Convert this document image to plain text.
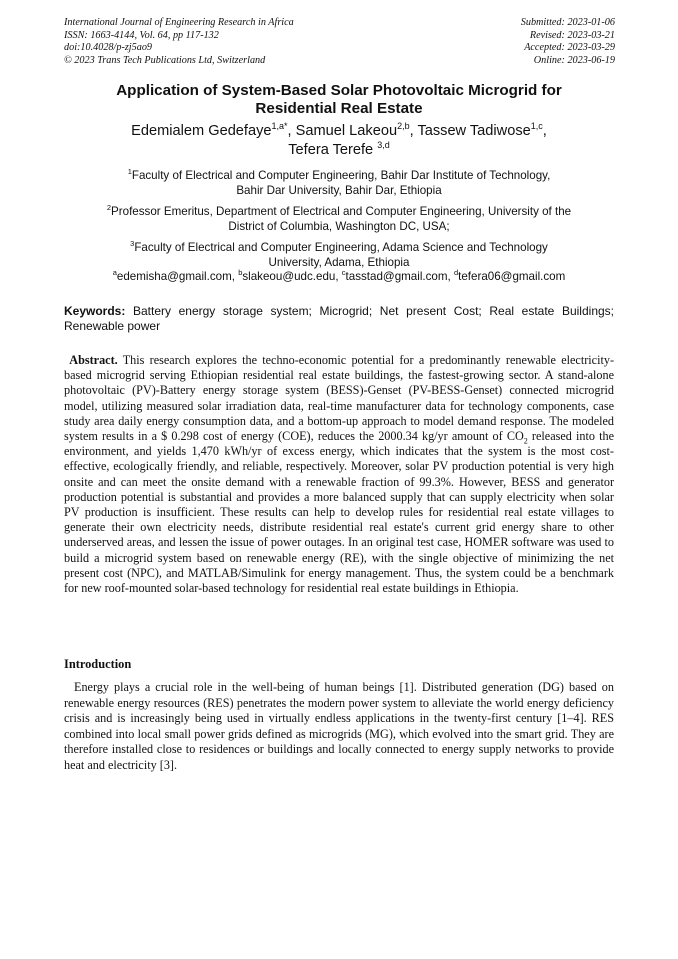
International Journal of Engineering Research in Africa
ISSN: 1663-4144, Vol. 64, pp 117-132
doi:10.4028/p-zj5ao9
© 2023 Trans Tech Publications Ltd, Switzerland
Submitted: 2023-01-06
Revised: 2023-03-21
Accepted: 2023-03-29
Online: 2023-06-19
Application of System-Based Solar Photovoltaic Microgrid for
Residential Real Estate
Edemialem Gedefaye$^{1,a*}$, Samuel Lakeou$^{2,b}$, Tassew Tadiwose$^{1,c}$,
Tefera Terefe $^{3,d}$
$^1$Faculty of Electrical and Computer Engineering, Bahir Dar Institute of Technology,
Bahir Dar University, Bahir Dar, Ethiopia
$^2$Professor Emeritus, Department of Electrical and Computer Engineering, University of the
District of Columbia, Washington DC, USA;
$^3$Faculty of Electrical and Computer Engineering, Adama Science and Technology
University, Adama, Ethiopia
$^a$edemisha@gmail.com, $^b$slakeou@udc.edu, $^c$tasstad@gmail.com, $^d$tefera06@gmail.com
Keywords: Battery energy storage system; Microgrid; Net present Cost; Real estate Buildings; Renewable power
Abstract. This research explores the techno-economic potential for a predominantly renewable electricity-based microgrid serving Ethiopian residential real estate buildings, the fastest-growing sector. A stand-alone photovoltaic (PV)-Battery energy storage system (BESS)-Genset (PV-BESS-Genset) connected microgrid model, utilizing measured solar irradiation data, real-time manufacturer data for technology components, case study area daily energy consumption data, and a bottom-up approach to model demand response. The modeled system results in a $ 0.298 cost of energy (COE), reduces the 2000.34 kg/yr amount of $CO_2$ released into the environment, and yields 1,470 kWh/yr of excess energy, which indicates that the system is the most cost-effective, ecologically friendly, and reliable, respectively. Moreover, solar PV production potential is very high onsite and can meet the onsite demand with a renewable fraction of 99.3%. However, BESS and generator production potential is substantial and provides a more balanced supply that can supply electricity when solar PV production is insufficient. These results can help to develop rules for residential real estate villages to generate their own electricity needs, distribute residential real estate's current grid energy share to other underserved areas, and lessen the issue of power outages. In an original test case, HOMER software was used to build a microgrid system based on renewable energy (RE), with the single objective of minimizing the net present cost (NPC), and MATLAB/Simulink for energy management. Thus, the system could be a benchmark for new roof-mounted solar-based technology for residential real estate buildings in Ethiopia.
Introduction
Energy plays a crucial role in the well-being of human beings [1]. Distributed generation (DG) based on renewable energy resources (RES) penetrates the modern power system to alleviate the world energy deficiency crisis and is increasingly being used in virtually endless applications in the twenty-first century [1–4]. RES combined into local small power grids defined as microgrids (MG), which evolved into the smart grid. They are therefore installed close to residences or buildings and locally connected to energy supply networks to provide heat and electricity [3].
